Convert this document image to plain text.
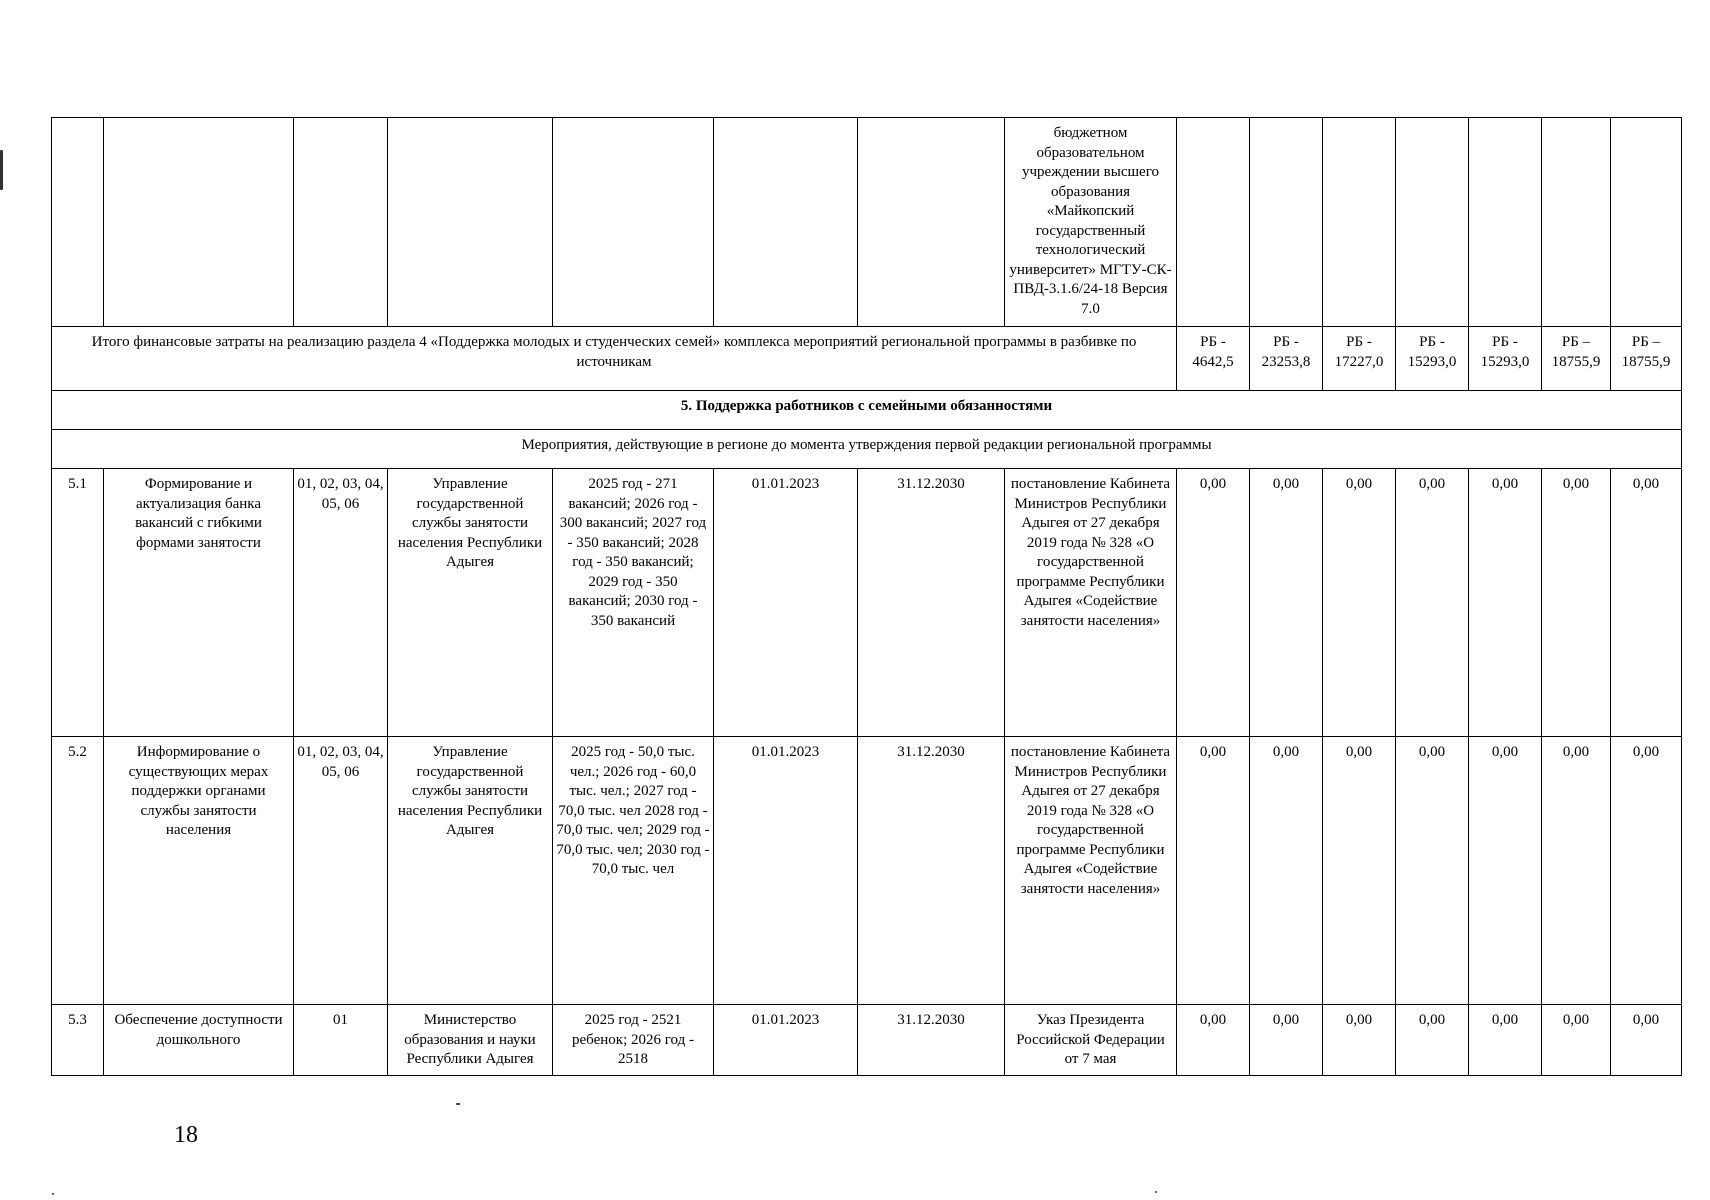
							бюджетном образовательном учреждении высшего образования «Майкопский государственный технологический университет» МГТУ-СК-ПВД-3.1.6/24-18 Версия 7.0							
Итого финансовые затраты на реализацию раздела 4 «Поддержка молодых и студенческих семей» комплекса мероприятий региональной программы в разбивке по источникам								РБ - 4642,5	РБ - 23253,8	РБ - 17227,0	РБ - 15293,0	РБ - 15293,0	РБ – 18755,9	РБ – 18755,9
5. Поддержка работников с семейными обязанностями														
Мероприятия, действующие в регионе до момента утверждения первой редакции региональной программы														
5.1	Формирование и актуализация банка вакансий с гибкими формами занятости	01, 02, 03, 04, 05, 06	Управление государственной службы занятости населения Республики Адыгея	2025 год - 271 вакансий; 2026 год - 300 вакансий; 2027 год - 350 вакансий; 2028 год - 350 вакансий; 2029 год - 350 вакансий; 2030 год - 350 вакансий	01.01.2023	31.12.2030	постановление Кабинета Министров Республики Адыгея от 27 декабря 2019 года № 328 «О государственной программе Республики Адыгея «Содействие занятости населения»	0,00	0,00	0,00	0,00	0,00	0,00	0,00
5.2	Информирование о существующих мерах поддержки органами службы занятости населения	01, 02, 03, 04, 05, 06	Управление государственной службы занятости населения Республики Адыгея	2025 год - 50,0 тыс. чел.; 2026 год - 60,0 тыс. чел.; 2027 год - 70,0 тыс. чел 2028 год - 70,0 тыс. чел; 2029 год - 70,0 тыс. чел; 2030 год - 70,0 тыс. чел	01.01.2023	31.12.2030	постановление Кабинета Министров Республики Адыгея от 27 декабря 2019 года № 328 «О государственной программе Республики Адыгея «Содействие занятости населения»	0,00	0,00	0,00	0,00	0,00	0,00	0,00
5.3	Обеспечение доступности дошкольного	01	Министерство образования и науки Республики Адыгея	2025 год - 2521 ребенок; 2026 год - 2518	01.01.2023	31.12.2030	Указ Президента Российской Федерации от 7 мая	0,00	0,00	0,00	0,00	0,00	0,00	0,00
18
